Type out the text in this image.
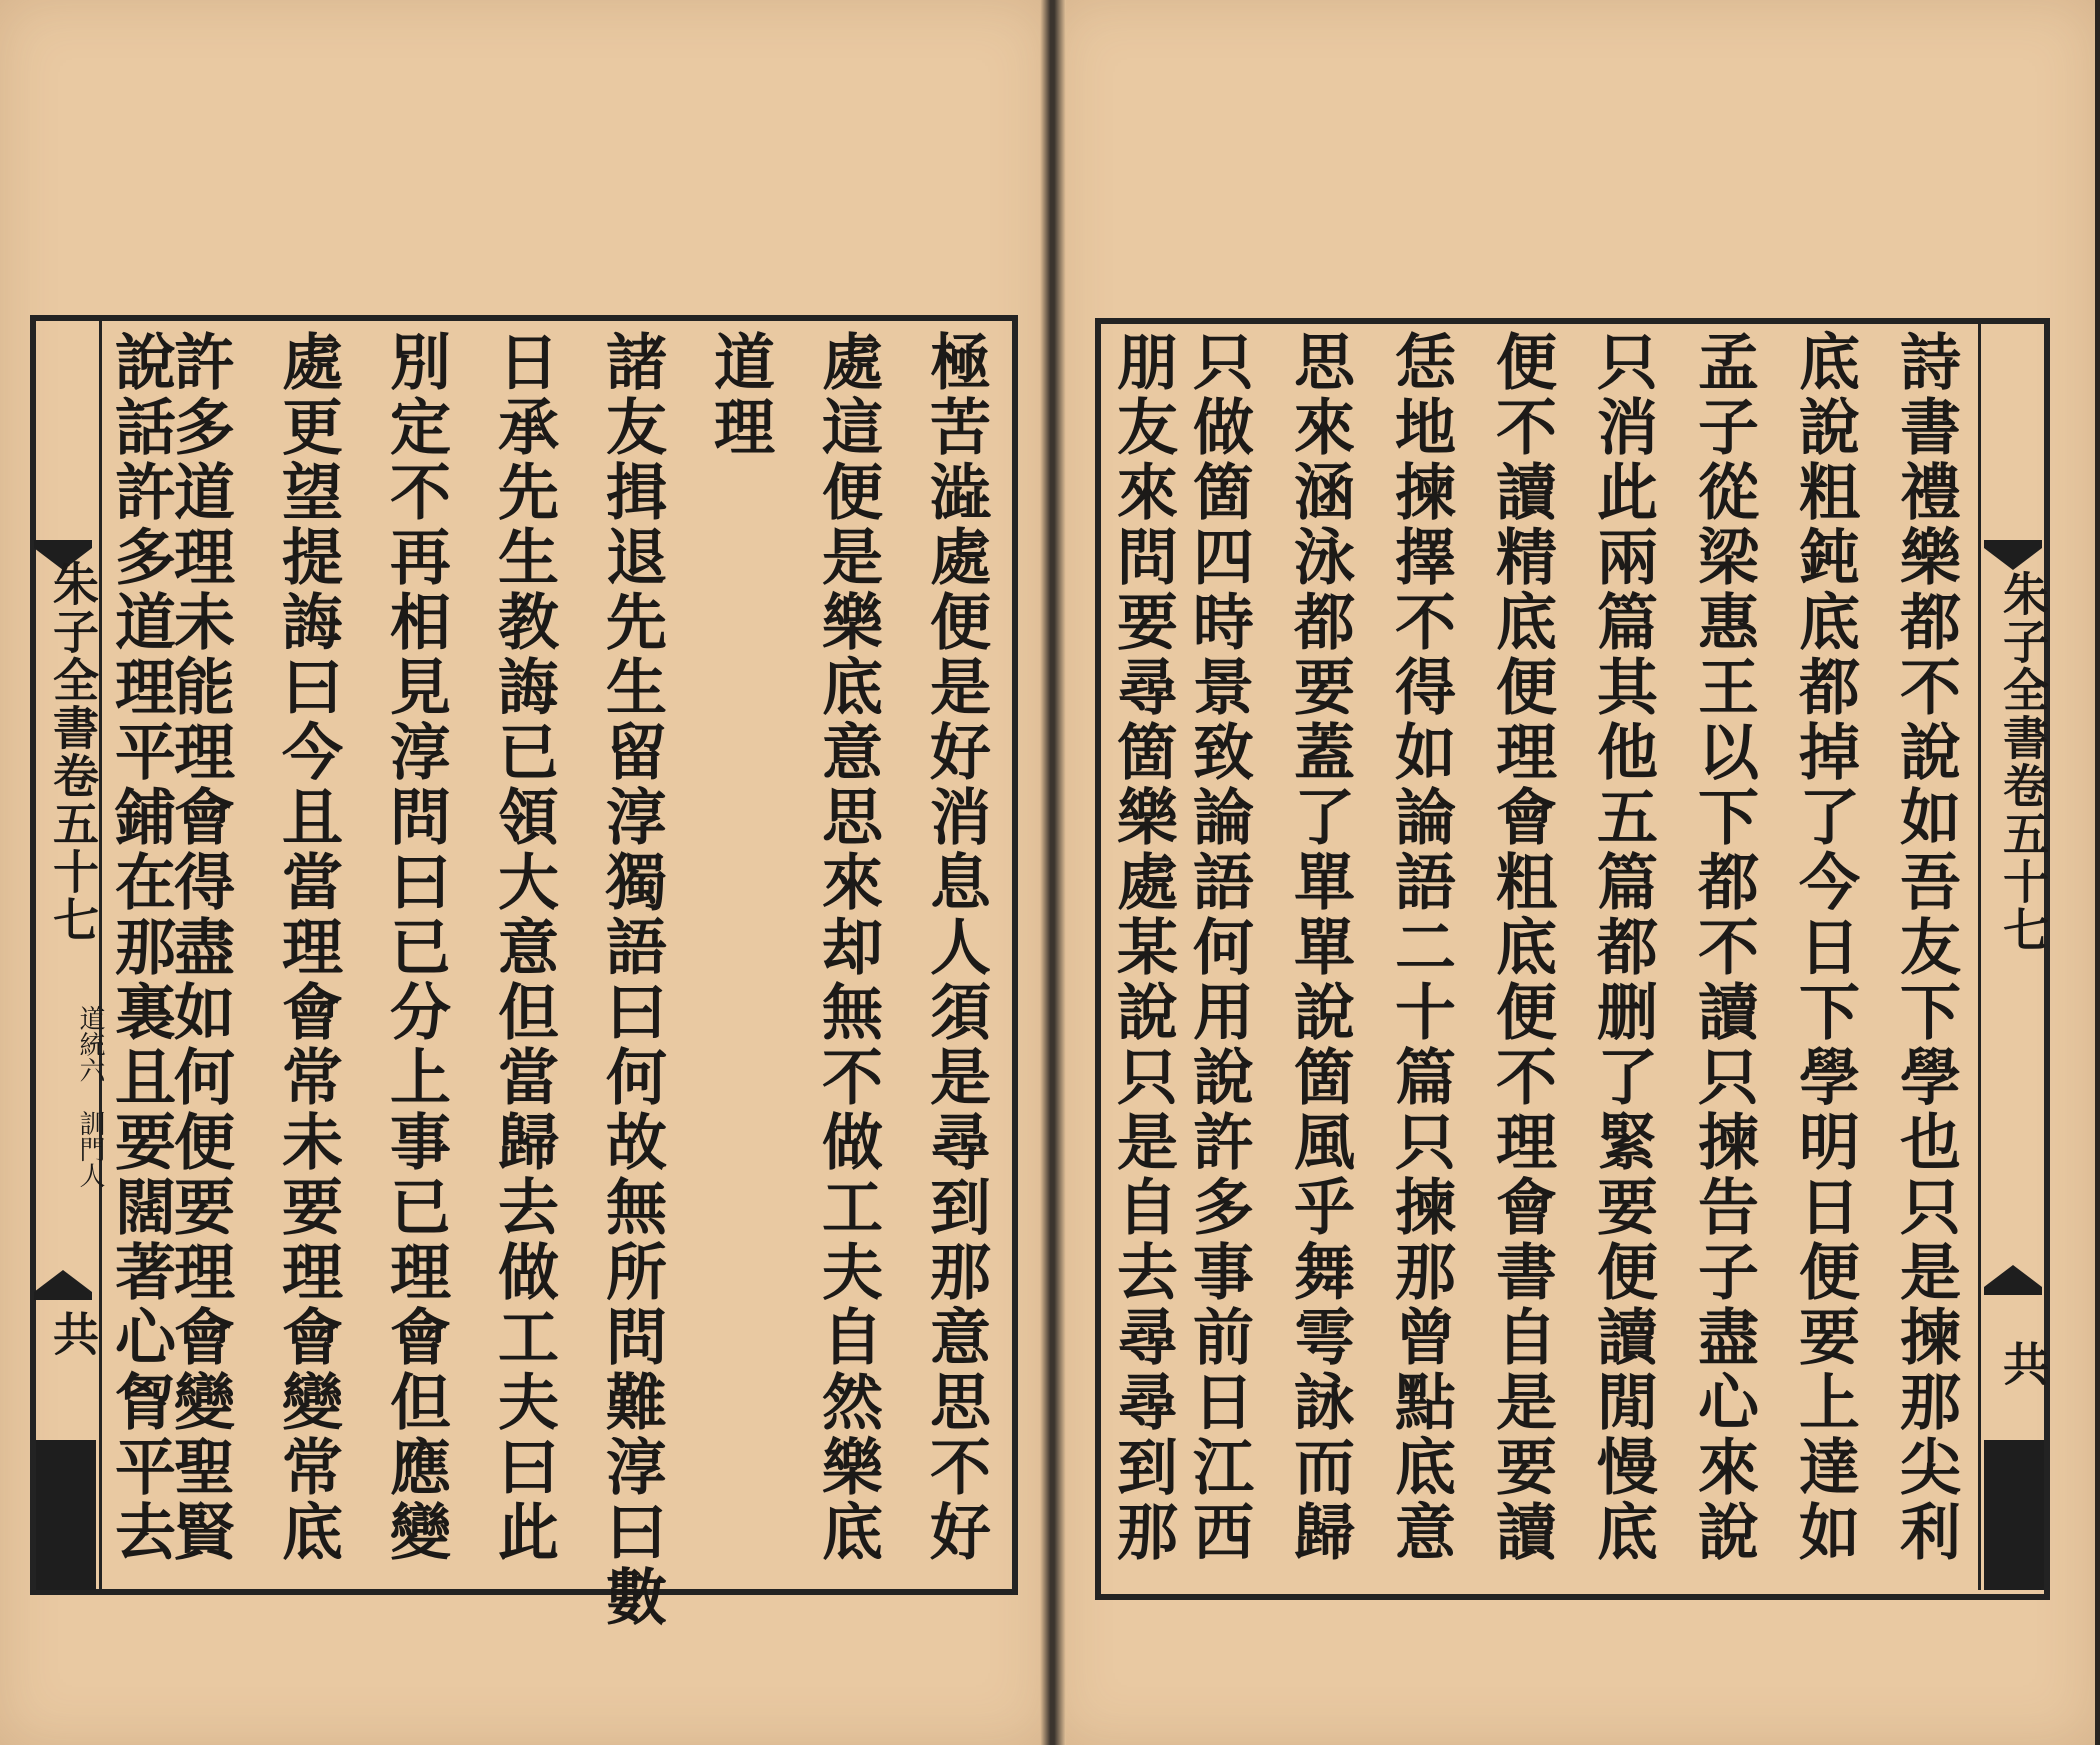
朱子全書卷五十七
道統六
訓門人
共
朱子全書卷五十七
共
極苦澁處便是好消息人須是尋到那意思不好
處這便是樂底意思來却無不做工夫自然樂底
道理
諸友揖退先生留淳獨語曰何故無所問難淳曰數
日承先生教誨已領大意但當歸去做工夫曰此
別定不再相見淳問曰已分上事已理會但應變
處更望提誨曰今且當理會常未要理會變常底
許多道理未能理會得盡如何便要理會變聖賢
說話許多道理平鋪在那裏且要闊著心胷平去	詩書禮樂都不說如吾友下學也只是揀那尖利
底說粗鈍底都掉了今日下學明日便要上達如
孟子從梁惠王以下都不讀只揀告子盡心來說
只消此兩篇其他五篇都删了緊要便讀閒慢底
便不讀精底便理會粗底便不理會書自是要讀
恁地揀擇不得如論語二十篇只揀那曾點底意
思來涵泳都要蓋了單單說箇風乎舞雩詠而歸
只做箇四時景致論語何用說許多事前日江西
朋友來問要尋箇樂處某說只是自去尋尋到那
